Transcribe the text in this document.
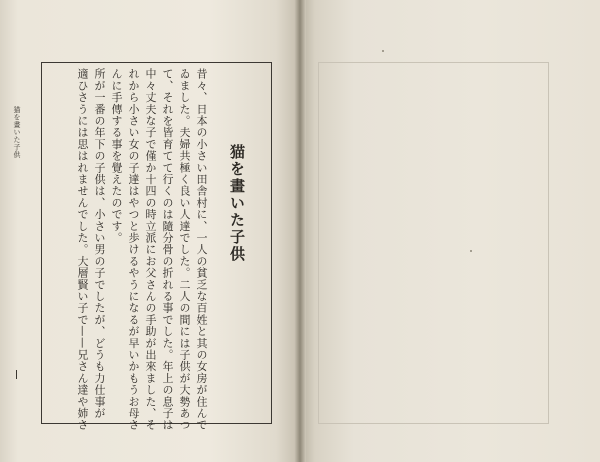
猫を畫いた子供
昔々、日本の小さい田舎村に、一人の貧乏な百姓と其の女房が住んで
ゐました。夫婦共極く良い人達でした。二人の間には子供が大勢あつ
て、それを皆育てて行くのは隨分骨の折れる事でした。年上の息子は
中々丈夫な子で僅か十四の時立派にお父さんの手助が出來ました、そ
れから小さい女の子達はやつと歩けるやうになるが早いかもうお母さ
んに手傳する事を覺えたのです。
所が一番の年下の子供は、小さい男の子でしたが、どうも力仕事が
適ひさうには思はれませんでした。大層賢い子で——兄さん達や姉さ
猫を畫いた子供
